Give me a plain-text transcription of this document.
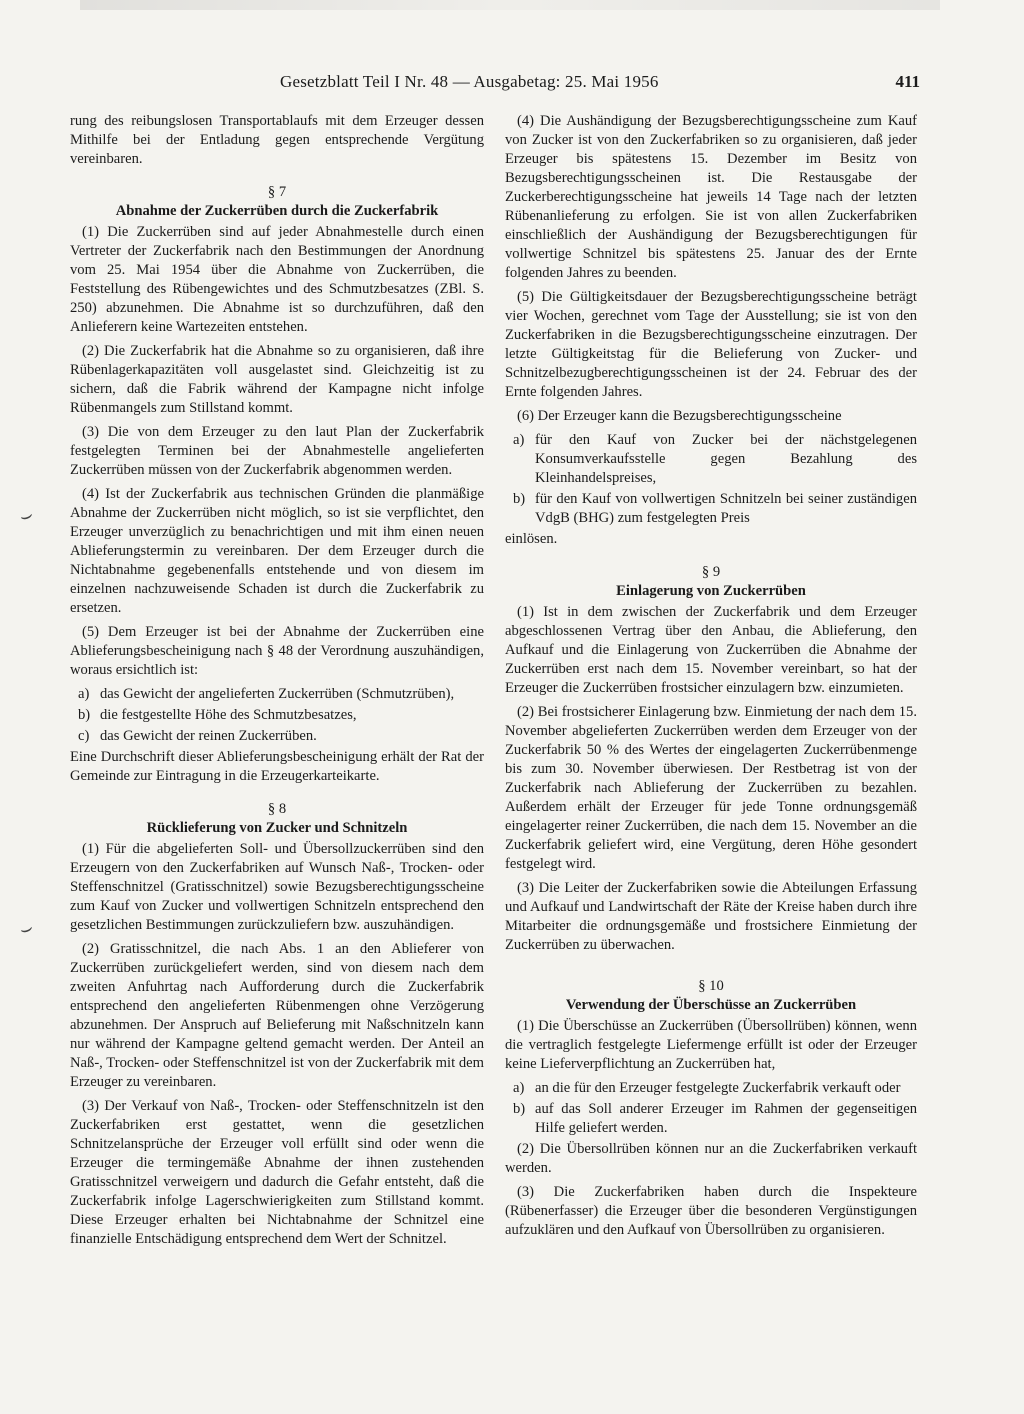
Gesetzblatt Teil I Nr. 48 — Ausgabetag: 25. Mai 1956	411
⌣
⌣

rung des reibungslosen Transportablaufs mit dem Erzeuger dessen Mithilfe bei der Entladung gegen entsprechende Vergütung vereinbaren.

§ 7
Abnahme der Zuckerrüben durch die Zuckerfabrik

(1) Die Zuckerrüben sind auf jeder Abnahmestelle durch einen Vertreter der Zuckerfabrik nach den Bestimmungen der Anordnung vom 25. Mai 1954 über die Abnahme von Zuckerrüben, die Feststellung des Rübengewichtes und des Schmutzbesatzes (ZBl. S. 250) abzunehmen. Die Abnahme ist so durchzuführen, daß den Anlieferern keine Wartezeiten entstehen.

(2) Die Zuckerfabrik hat die Abnahme so zu organisieren, daß ihre Rübenlagerkapazitäten voll ausgelastet sind. Gleichzeitig ist zu sichern, daß die Fabrik während der Kampagne nicht infolge Rübenmangels zum Stillstand kommt.

(3) Die von dem Erzeuger zu den laut Plan der Zuckerfabrik festgelegten Terminen bei der Abnahmestelle angelieferten Zuckerrüben müssen von der Zuckerfabrik abgenommen werden.

(4) Ist der Zuckerfabrik aus technischen Gründen die planmäßige Abnahme der Zuckerrüben nicht möglich, so ist sie verpflichtet, den Erzeuger unverzüglich zu benachrichtigen und mit ihm einen neuen Ablieferungstermin zu vereinbaren. Der dem Erzeuger durch die Nichtabnahme gegebenenfalls entstehende und von diesem im einzelnen nachzuweisende Schaden ist durch die Zuckerfabrik zu ersetzen.

(5) Dem Erzeuger ist bei der Abnahme der Zuckerrüben eine Ablieferungsbescheinigung nach § 48 der Verordnung auszuhändigen, woraus ersichtlich ist:

a) das Gewicht der angelieferten Zuckerrüben (Schmutzrüben),
b) die festgestellte Höhe des Schmutzbesatzes,
c) das Gewicht der reinen Zuckerrüben.

Eine Durchschrift dieser Ablieferungsbescheinigung erhält der Rat der Gemeinde zur Eintragung in die Erzeugerkarteikarte.

§ 8
Rücklieferung von Zucker und Schnitzeln

(1) Für die abgelieferten Soll- und Übersollzuckerrüben sind den Erzeugern von den Zuckerfabriken auf Wunsch Naß-, Trocken- oder Steffenschnitzel (Gratisschnitzel) sowie Bezugsberechtigungsscheine zum Kauf von Zucker und vollwertigen Schnitzeln entsprechend den gesetzlichen Bestimmungen zurückzuliefern bzw. auszuhändigen.

(2) Gratisschnitzel, die nach Abs. 1 an den Ablieferer von Zuckerrüben zurückgeliefert werden, sind von diesem nach dem zweiten Anfuhrtag nach Aufforderung durch die Zuckerfabrik entsprechend den angelieferten Rübenmengen ohne Verzögerung abzunehmen. Der Anspruch auf Belieferung mit Naßschnitzeln kann nur während der Kampagne geltend gemacht werden. Der Anteil an Naß-, Trocken- oder Steffenschnitzel ist von der Zuckerfabrik mit dem Erzeuger zu vereinbaren.

(3) Der Verkauf von Naß-, Trocken- oder Steffenschnitzeln ist den Zuckerfabriken erst gestattet, wenn die gesetzlichen Schnitzelansprüche der Erzeuger voll erfüllt sind oder wenn die Erzeuger die termingemäße Abnahme der ihnen zustehenden Gratisschnitzel verweigern und dadurch die Gefahr entsteht, daß die Zuckerfabrik infolge Lagerschwierigkeiten zum Stillstand kommt. Diese Erzeuger erhalten bei Nichtabnahme der Schnitzel eine finanzielle Entschädigung entsprechend dem Wert der Schnitzel.

(4) Die Aushändigung der Bezugsberechtigungsscheine zum Kauf von Zucker ist von den Zuckerfabriken so zu organisieren, daß jeder Erzeuger bis spätestens 15. Dezember im Besitz von Bezugsberechtigungsscheinen ist. Die Restausgabe der Zuckerberechtigungsscheine hat jeweils 14 Tage nach der letzten Rübenanlieferung zu erfolgen. Sie ist von allen Zuckerfabriken einschließlich der Aushändigung der Bezugsberechtigungen für vollwertige Schnitzel bis spätestens 25. Januar des der Ernte folgenden Jahres zu beenden.

(5) Die Gültigkeitsdauer der Bezugsberechtigungsscheine beträgt vier Wochen, gerechnet vom Tage der Ausstellung; sie ist von den Zuckerfabriken in die Bezugsberechtigungsscheine einzutragen. Der letzte Gültigkeitstag für die Belieferung von Zucker- und Schnitzelbezugberechtigungsscheinen ist der 24. Februar des der Ernte folgenden Jahres.

(6) Der Erzeuger kann die Bezugsberechtigungsscheine

a) für den Kauf von Zucker bei der nächstgelegenen Konsumverkaufsstelle gegen Bezahlung des Kleinhandelspreises,
b) für den Kauf von vollwertigen Schnitzeln bei seiner zuständigen VdgB (BHG) zum festgelegten Preis

einlösen.

§ 9
Einlagerung von Zuckerrüben

(1) Ist in dem zwischen der Zuckerfabrik und dem Erzeuger abgeschlossenen Vertrag über den Anbau, die Ablieferung, den Aufkauf und die Einlagerung von Zuckerrüben die Abnahme der Zuckerrüben erst nach dem 15. November vereinbart, so hat der Erzeuger die Zuckerrüben frostsicher einzulagern bzw. einzumieten.

(2) Bei frostsicherer Einlagerung bzw. Einmietung der nach dem 15. November abgelieferten Zuckerrüben werden dem Erzeuger von der Zuckerfabrik 50 % des Wertes der eingelagerten Zuckerrübenmenge bis zum 30. November überwiesen. Der Restbetrag ist von der Zuckerfabrik nach Ablieferung der Zuckerrüben zu bezahlen. Außerdem erhält der Erzeuger für jede Tonne ordnungsgemäß eingelagerter reiner Zuckerrüben, die nach dem 15. November an die Zuckerfabrik geliefert wird, eine Vergütung, deren Höhe gesondert festgelegt wird.

(3) Die Leiter der Zuckerfabriken sowie die Abteilungen Erfassung und Aufkauf und Landwirtschaft der Räte der Kreise haben durch ihre Mitarbeiter die ordnungsgemäße und frostsichere Einmietung der Zuckerrüben zu überwachen.

§ 10
Verwendung der Überschüsse an Zuckerrüben

(1) Die Überschüsse an Zuckerrüben (Übersollrüben) können, wenn die vertraglich festgelegte Liefermenge erfüllt ist oder der Erzeuger keine Lieferverpflichtung an Zuckerrüben hat,

a) an die für den Erzeuger festgelegte Zuckerfabrik verkauft oder
b) auf das Soll anderer Erzeuger im Rahmen der gegenseitigen Hilfe geliefert werden.

(2) Die Übersollrüben können nur an die Zuckerfabriken verkauft werden.

(3) Die Zuckerfabriken haben durch die Inspekteure (Rübenerfasser) die Erzeuger über die besonderen Vergünstigungen aufzuklären und den Aufkauf von Übersollrüben zu organisieren.
